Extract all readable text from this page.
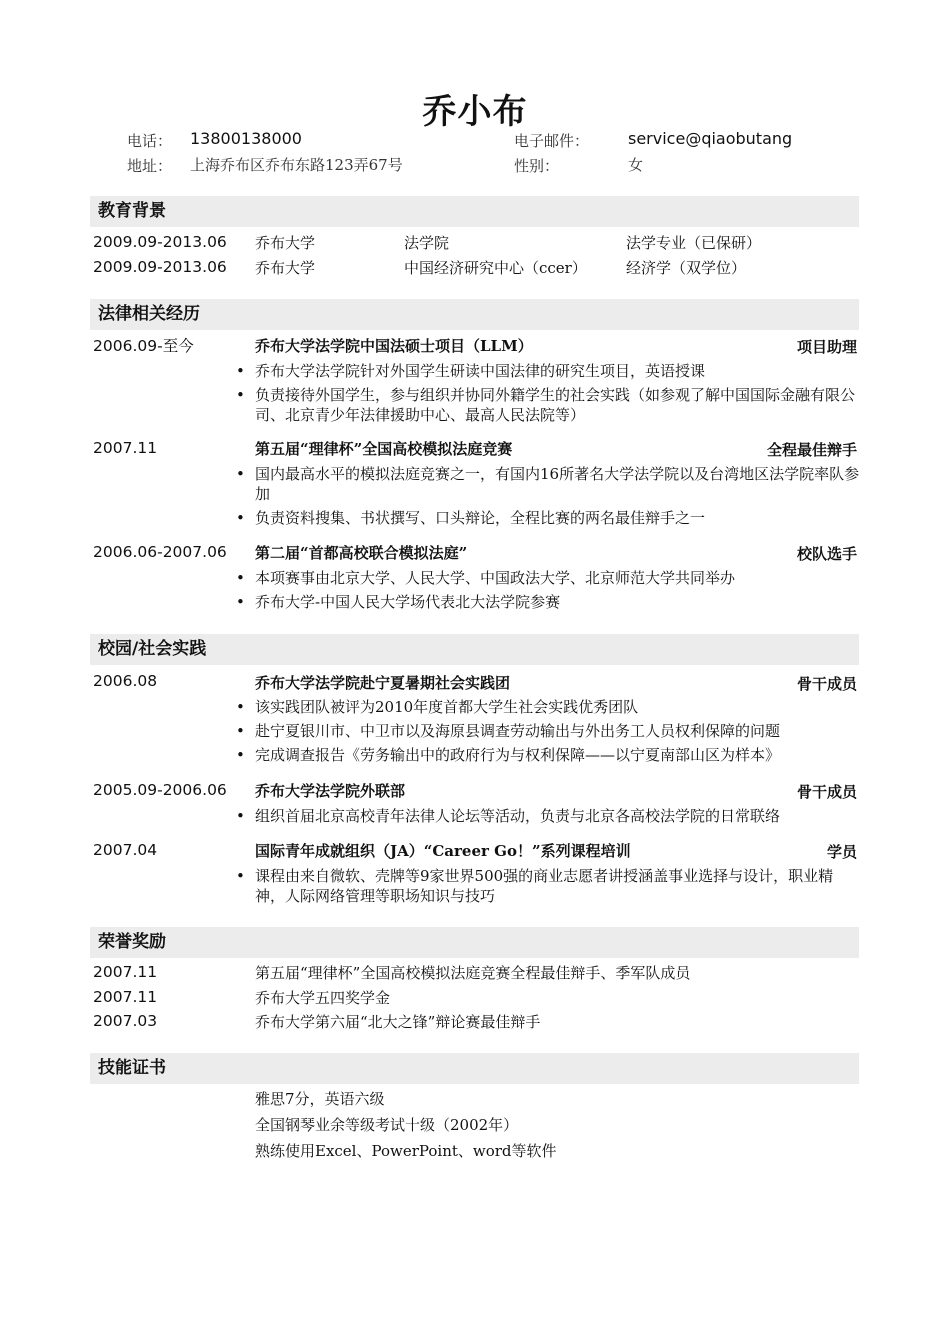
乔小布
电话： 13800138000	电子邮件： service@qiaobutang
地址： 上海乔布区乔布东路123弄67号	性别：	女
教育背景
2009.09-2013.06 乔布大学	法学院	法学专业（已保研）
2009.09-2013.06 乔布大学	中国经济研究中心（ccer）	经济学（双学位）
法律相关经历
2006.09-至今	乔布大学法学院中国法硕士项目（LLM）	项目助理
• 乔布大学法学院针对外国学生研读中国法律的研究生项目，英语授课
• 负责接待外国学生，参与组织并协同外籍学生的社会实践（如参观了解中国国际金融有限公司、北京青少年法律援助中心、最高人民法院等）
2007.11	第五届“理律杯”全国高校模拟法庭竞赛	全程最佳辩手
• 国内最高水平的模拟法庭竞赛之一，有国内16所著名大学法学院以及台湾地区法学院率队参加
• 负责资料搜集、书状撰写、口头辩论，全程比赛的两名最佳辩手之一
2006.06-2007.06 第二届“首都高校联合模拟法庭”	校队选手
• 本项赛事由北京大学、人民大学、中国政法大学、北京师范大学共同举办
• 乔布大学-中国人民大学场代表北大法学院参赛
校园/社会实践
2006.08	乔布大学法学院赴宁夏暑期社会实践团	骨干成员
• 该实践团队被评为2010年度首都大学生社会实践优秀团队
• 赴宁夏银川市、中卫市以及海原县调查劳动输出与外出务工人员权利保障的问题
• 完成调查报告《劳务输出中的政府行为与权利保障——以宁夏南部山区为样本》
2005.09-2006.06 乔布大学法学院外联部	骨干成员
• 组织首届北京高校青年法律人论坛等活动，负责与北京各高校法学院的日常联络
2007.04	国际青年成就组织（JA）“Career Go！”系列课程培训	学员
• 课程由来自微软、壳牌等9家世界500强的商业志愿者讲授涵盖事业选择与设计，职业精神，人际网络管理等职场知识与技巧
荣誉奖励
2007.11	第五届“理律杯”全国高校模拟法庭竞赛全程最佳辩手、季军队成员
2007.11	乔布大学五四奖学金
2007.03	乔布大学第六届“北大之锋”辩论赛最佳辩手
技能证书
雅思7分，英语六级
全国钢琴业余等级考试十级（2002年）
熟练使用Excel、PowerPoint、word等软件
